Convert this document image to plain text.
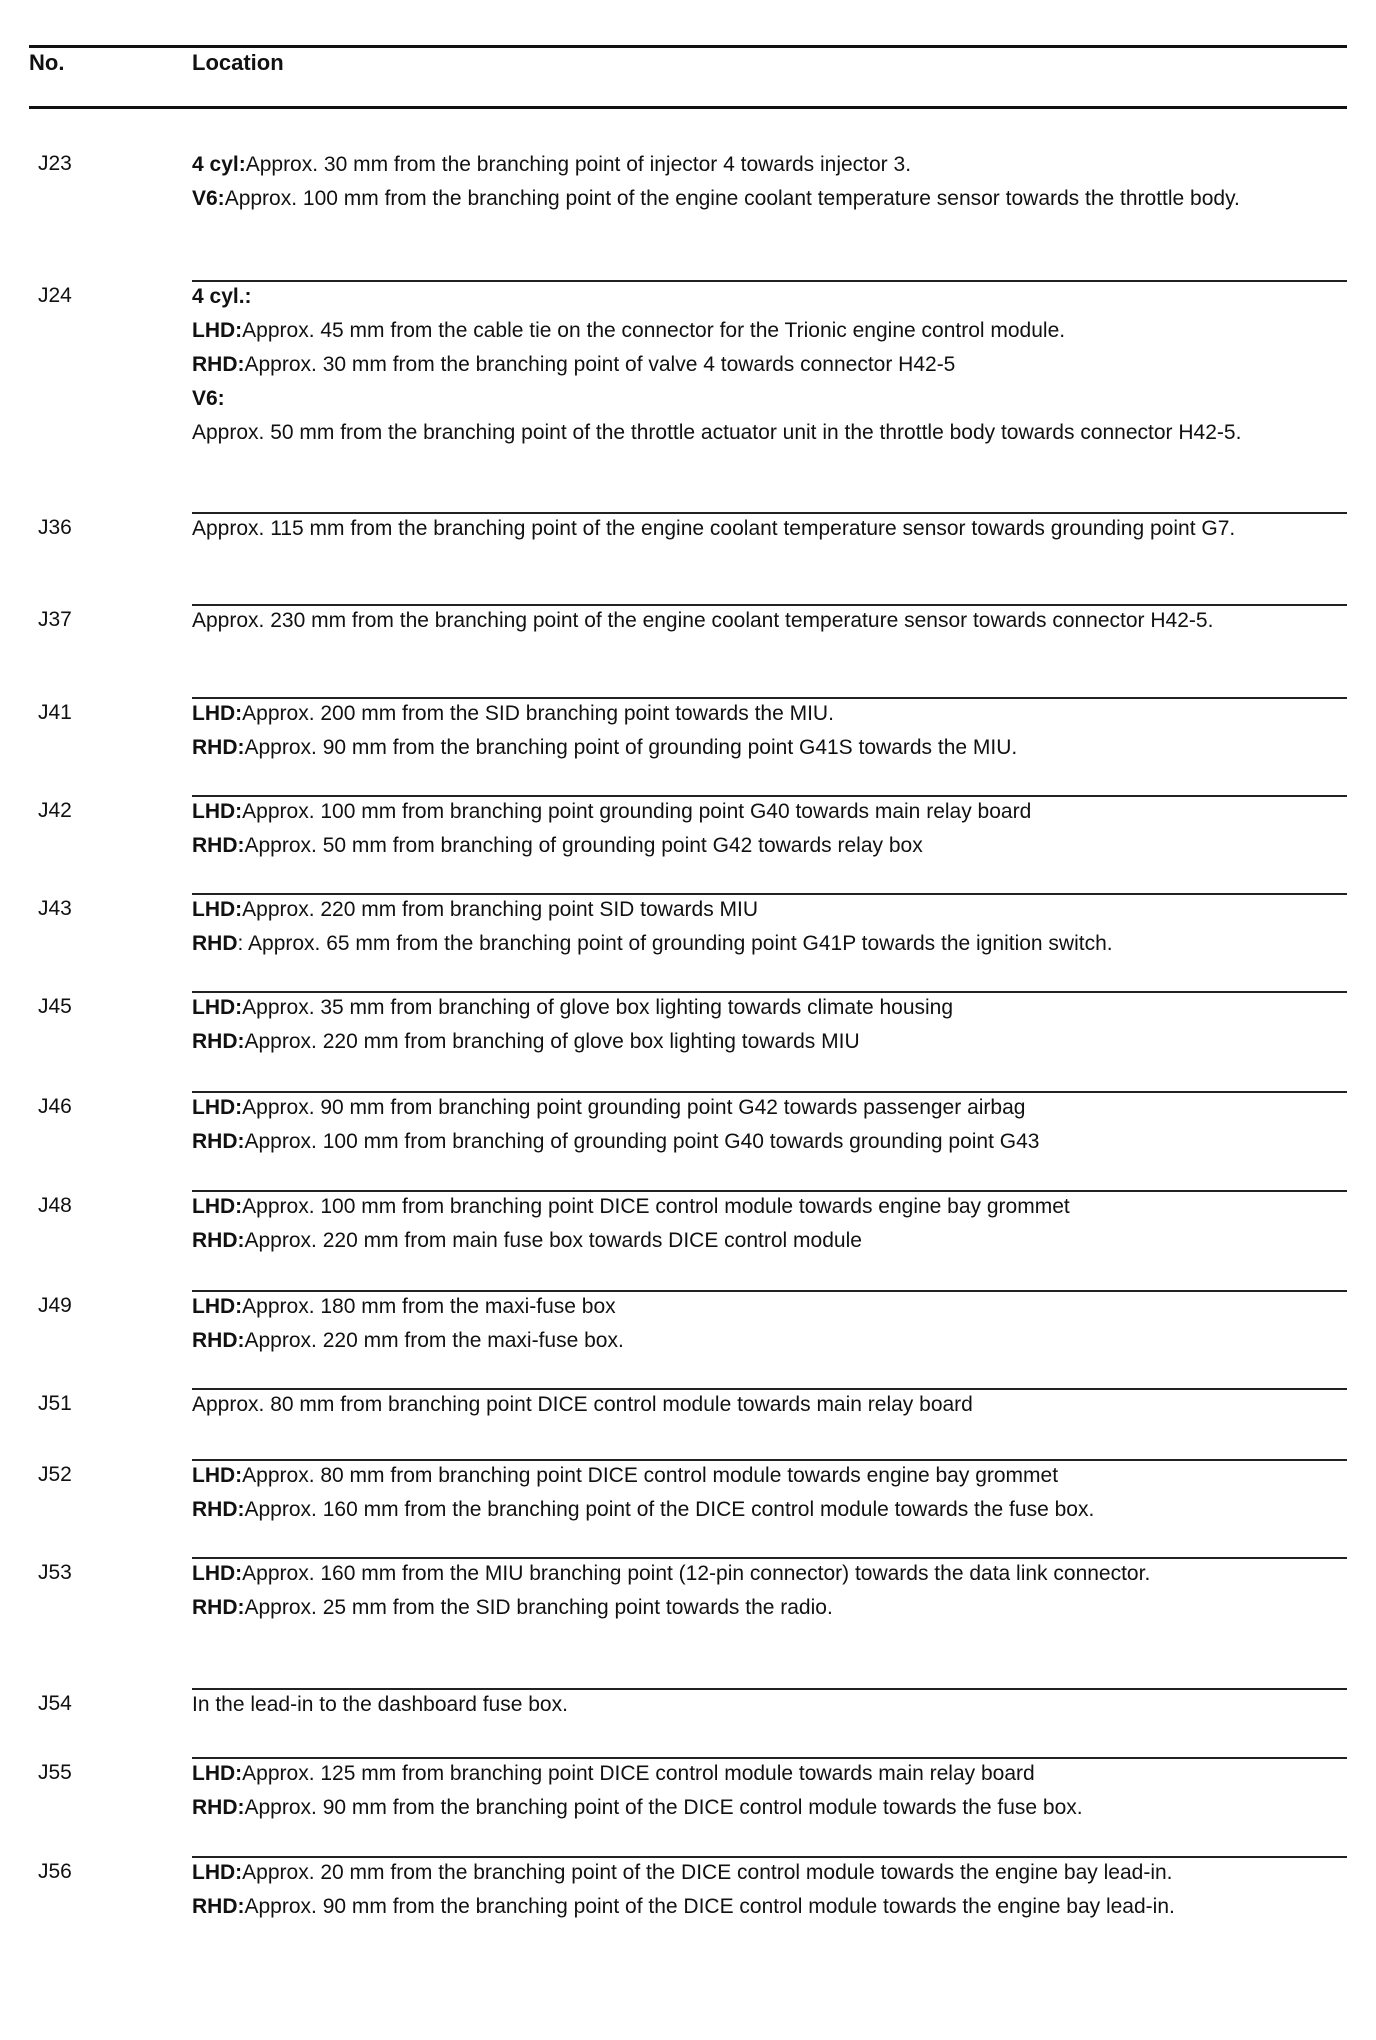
No.	Location
J23	4 cyl:Approx. 30 mm from the branching point of injector 4 towards injector 3.
V6:Approx. 100 mm from the branching point of the engine coolant temperature sensor towards the throttle body.
J24	4 cyl.:
LHD:Approx. 45 mm from the cable tie on the connector for the Trionic engine control module.
RHD:Approx. 30 mm from the branching point of valve 4 towards connector H42-5
V6:
Approx. 50 mm from the branching point of the throttle actuator unit in the throttle body towards connector H42-5.
J36	Approx. 115 mm from the branching point of the engine coolant temperature sensor towards grounding point G7.
J37	Approx. 230 mm from the branching point of the engine coolant temperature sensor towards connector H42-5.
J41	LHD:Approx. 200 mm from the SID branching point towards the MIU.
RHD:Approx. 90 mm from the branching point of grounding point G41S towards the MIU.
J42	LHD:Approx. 100 mm from branching point grounding point G40 towards main relay board
RHD:Approx. 50 mm from branching of grounding point G42 towards relay box
J43	LHD:Approx. 220 mm from branching point SID towards MIU
RHD: Approx. 65 mm from the branching point of grounding point G41P towards the ignition switch.
J45	LHD:Approx. 35 mm from branching of glove box lighting towards climate housing
RHD:Approx. 220 mm from branching of glove box lighting towards MIU
J46	LHD:Approx. 90 mm from branching point grounding point G42 towards passenger airbag
RHD:Approx. 100 mm from branching of grounding point G40 towards grounding point G43
J48	LHD:Approx. 100 mm from branching point DICE control module towards engine bay grommet
RHD:Approx. 220 mm from main fuse box towards DICE control module
J49	LHD:Approx. 180 mm from the maxi-fuse box
RHD:Approx. 220 mm from the maxi-fuse box.
J51	Approx. 80 mm from branching point DICE control module towards main relay board
J52	LHD:Approx. 80 mm from branching point DICE control module towards engine bay grommet
RHD:Approx. 160 mm from the branching point of the DICE control module towards the fuse box.
J53	LHD:Approx. 160 mm from the MIU branching point (12-pin connector) towards the data link connector.
RHD:Approx. 25 mm from the SID branching point towards the radio.
J54	In the lead-in to the dashboard fuse box.
J55	LHD:Approx. 125 mm from branching point DICE control module towards main relay board
RHD:Approx. 90 mm from the branching point of the DICE control module towards the fuse box.
J56	LHD:Approx. 20 mm from the branching point of the DICE control module towards the engine bay lead-in.
RHD:Approx. 90 mm from the branching point of the DICE control module towards the engine bay lead-in.
